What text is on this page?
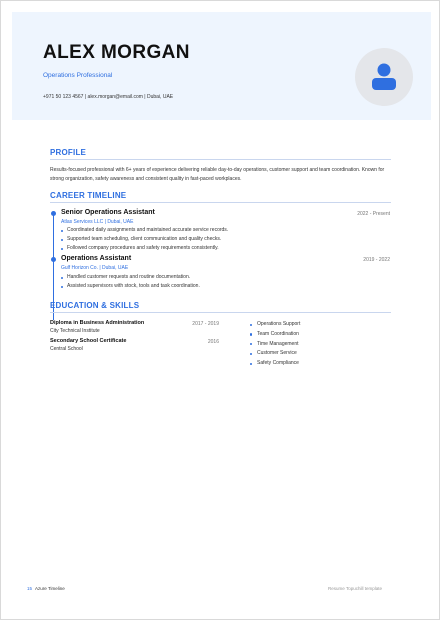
ALEX MORGAN
Operations Professional
+971 50 123 4567 | alex.morgan@email.com | Dubai, UAE
PROFILE
Results-focused professional with 6+ years of experience delivering reliable day-to-day operations, customer support and team coordination. Known for strong organization, safety awareness and consistent quality in fast-paced workplaces.
CAREER TIMELINE
Senior Operations Assistant	2022 - Present
Atlas Services LLC | Dubai, UAE
Coordinated daily assignments and maintained accurate service records.
Supported team scheduling, client communication and quality checks.
Followed company procedures and safety requirements consistently.
Operations Assistant	2019 - 2022
Gulf Horizon Co. | Dubai, UAE
Handled customer requests and routine documentation.
Assisted supervisors with stock, tools and task coordination.
EDUCATION & SKILLS
Diploma in Business Administration	2017 - 2019
City Technical Institute
Secondary School Certificate	2016
Central School
Operations Support
Team Coordination
Time Management
Customer Service
Safety Compliance
15 Azure Timeline	Resume Topuchill template
